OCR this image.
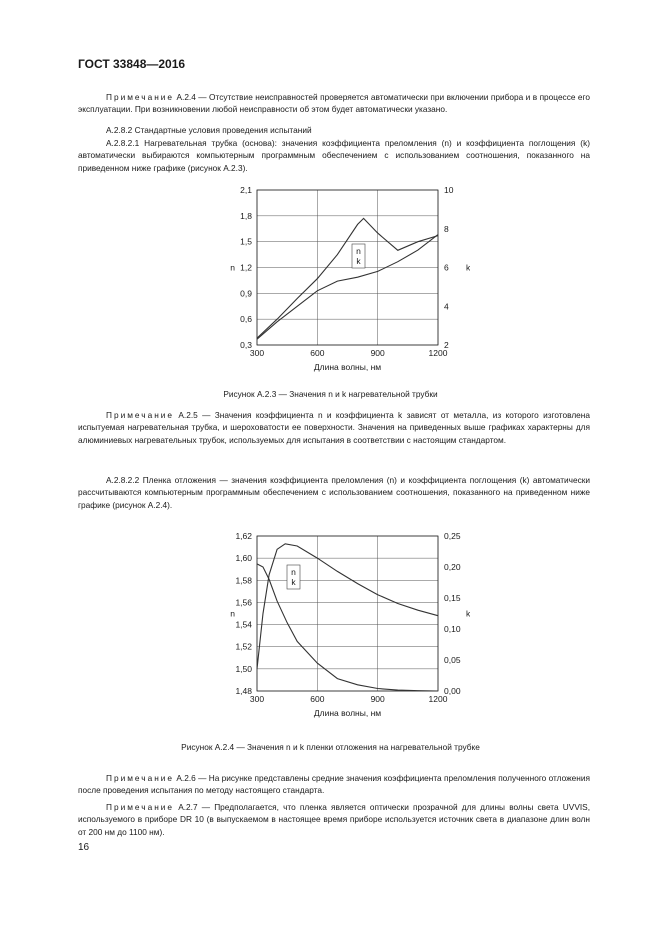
ГОСТ 33848—2016
Примечание А.2.4 — Отсутствие неисправностей проверяется автоматически при включении прибора и в процессе его эксплуатации. При возникновении любой неисправности об этом будет автоматически указано.
А.2.8.2 Стандартные условия проведения испытаний
А.2.8.2.1 Нагревательная трубка (основа): значения коэффициента преломления (n) и коэффициента поглощения (k) автоматически выбираются компьютерным программным обеспечением с использованием соотношения, показанного на приведенном ниже графике (рисунок А.2.3).
0,3
0,6
0,9
1,2
1,5
1,8
2,1
300	600	900	1200
2
4
6
8
10
n	k
Длина волны, нм
n
k
Рисунок А.2.3 — Значения n и k нагревательной трубки
Примечание А.2.5 — Значения коэффициента n и коэффициента k зависят от металла, из которого изготовлена испытуемая нагревательная трубка, и шероховатости ее поверхности. Значения на приведенных выше графиках характерны для алюминиевых нагревательных трубок, используемых для испытания в соответствии с настоящим стандартом.
А.2.8.2.2 Пленка отложения — значения коэффициента преломления (n) и коэффициента поглощения (k) автоматически рассчитываются компьютерным программным обеспечением с использованием соотношения, показанного на приведенном ниже графике (рисунок А.2.4).
1,48
1,50
1,52
1,54
1,56
1,58
1,60
1,62
300	600	900	1200
0,00
0,05
0,10
0,15
0,20
0,25
n	k
Длина волны, нм
n
k
Рисунок А.2.4 — Значения n и k пленки отложения на нагревательной трубке
Примечание А.2.6 — На рисунке представлены средние значения коэффициента преломления полученного отложения после проведения испытания по методу настоящего стандарта.
Примечание А.2.7 — Предполагается, что пленка является оптически прозрачной для длины волны света UVVIS, используемого в приборе DR 10 (в выпускаемом в настоящее время приборе используется источник света в диапазоне длин волн от 200 нм до 1100 нм).
16
